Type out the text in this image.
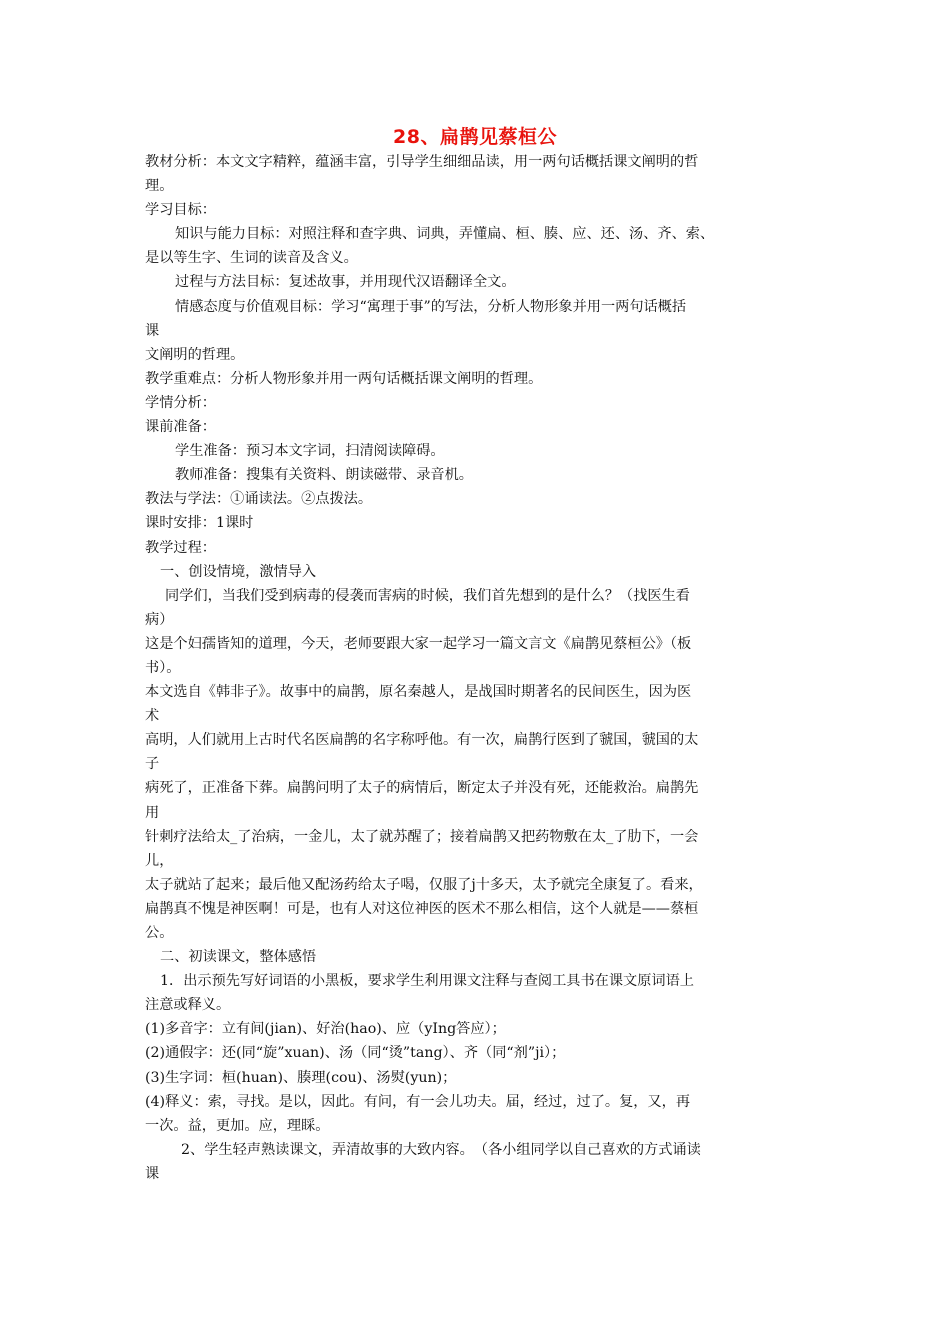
28、扁鹊见蔡桓公
教材分析：本文文字精粹，蕴涵丰富，引导学生细细品读，用一两句话概括课文阐明的哲
理。
学习目标：
知识与能力目标：对照注释和查字典、词典，弄懂扁、桓、腠、应、还、汤、齐、索、
是以等生字、生词的读音及含义。
过程与方法目标：复述故事，并用现代汉语翻译全文。
情感态度与价值观目标：学习“寓理于事”的写法，分析人物形象并用一两句话概括
课
文阐明的哲理。
教学重难点：分析人物形象并用一两句话概括课文阐明的哲理。
学情分析：
课前准备：
学生准备：预习本文字词，扫清阅读障碍。
教师准备：搜集有关资料、朗读磁带、录音机。
教法与学法：①诵读法。②点拨法。
课时安排：1课时
教学过程：
一、创设情境，激情导入
同学们，当我们受到病毒的侵袭而害病的时候，我们首先想到的是什么？（找医生看
病）
这是个妇孺皆知的道理，今天，老师要跟大家一起学习一篇文言文《扁鹊见蔡桓公》（板
书）。
本文选自《韩非子》。故事中的扁鹊，原名秦越人，是战国时期著名的民间医生，因为医
术
高明，人们就用上古时代名医扁鹊的名字称呼他。有一次，扁鹊行医到了虢国，虢国的太
子
病死了，正准备下葬。扁鹊问明了太子的病情后，断定太子并没有死，还能救治。扁鹊先
用
针刺疗法给太_了治病，一金儿，太了就苏醒了；接着扁鹊又把药物敷在太_了肋下，一会
儿，
太子就站了起来；最后他又配汤药给太子喝，仅服了j十多天，太予就完全康复了。看来，
扁鹊真不愧是神医啊！可是，也有人对这位神医的医术不那么相信，这个人就是——蔡桓
公。
二、初读课文，整体感悟
1．出示预先写好词语的小黑板，要求学生利用课文注释与查阅工具书在课文原词语上
注意或释义。
(1)多音字：立有间(jian)、好治(hao)、应（yIng答应）；
(2)通假字：还(同“旋”xuan)、汤（同“烫”tang）、齐（同“剂”ji）；
(3)生字词：桓(huan)、腠理(cou)、汤熨(yun)；
(4)释义：索，寻找。是以，因此。有问，有一会儿功夫。届，经过，过了。复，又，再
一次。益，更加。应，理睬。
2、学生轻声熟读课文，弄清故事的大致内容。　（各小组同学以自己喜欢的方式诵读
课
